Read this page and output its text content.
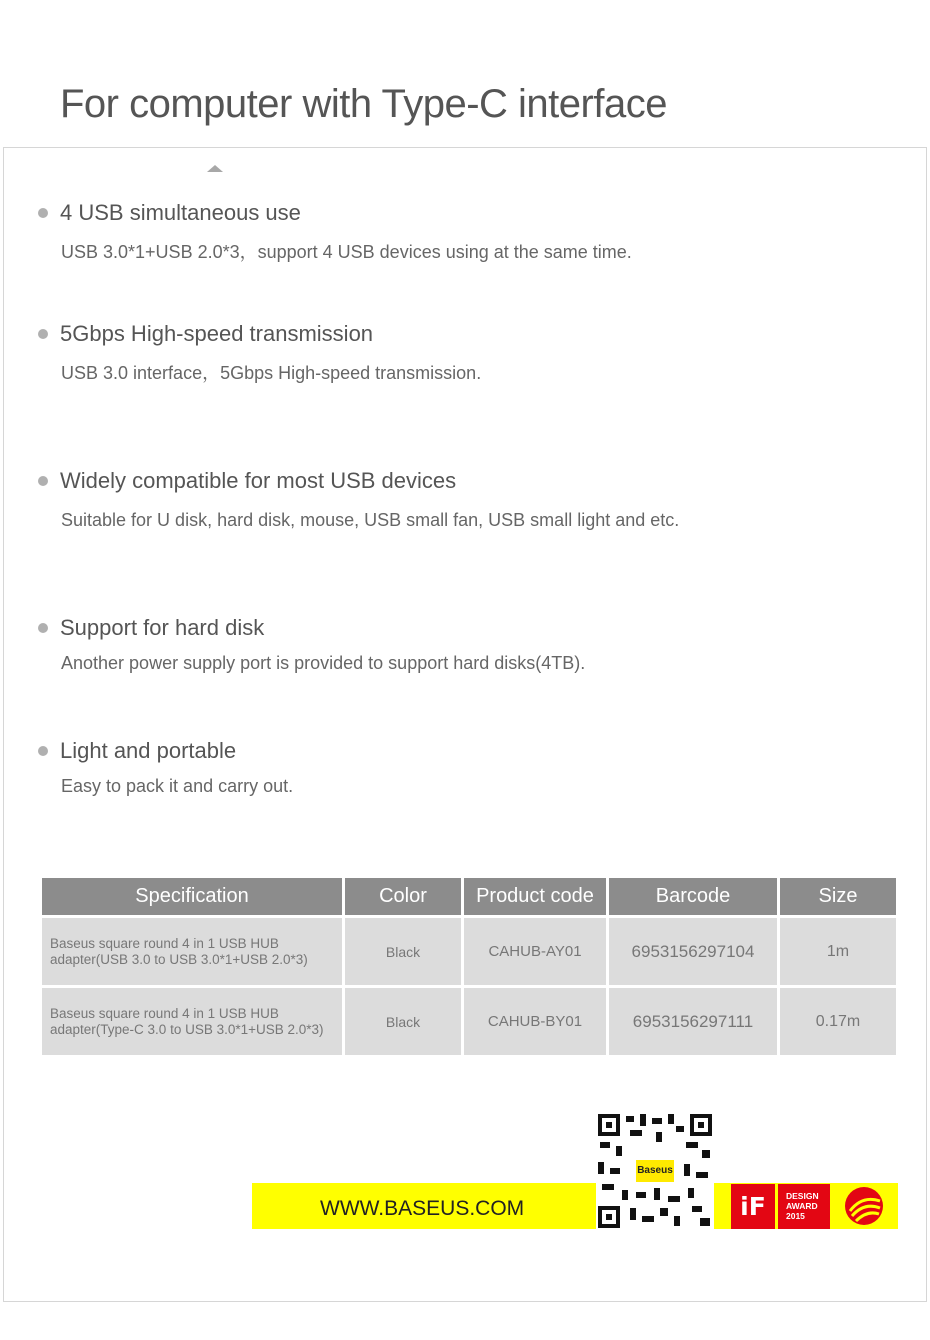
For computer with Type-C interface
4 USB simultaneous use
USB 3.0*1+USB 2.0*3，support 4 USB devices using at the same time.
5Gbps High-speed transmission
USB 3.0 interface，5Gbps High-speed transmission.
Widely compatible for most USB devices
Suitable for U disk, hard disk, mouse, USB small fan, USB small light and etc.
Support for hard disk
Another power supply port is provided to support hard disks(4TB).
Light and portable
Easy to pack it and carry out.
Specification	Color	Product code	Barcode	Size

Baseus square round 4 in 1 USB HUB
adapter(USB 3.0 to USB 3.0*1+USB 2.0*3)	Black	CAHUB-AY01	6953156297104	1m

Baseus square round 4 in 1 USB HUB
adapter(Type-C 3.0 to USB 3.0*1+USB 2.0*3)	Black	CAHUB-BY01	6953156297111	0.17m
WWW.BASEUS.COM
Baseus
iF	DESIGN
AWARD
2015
